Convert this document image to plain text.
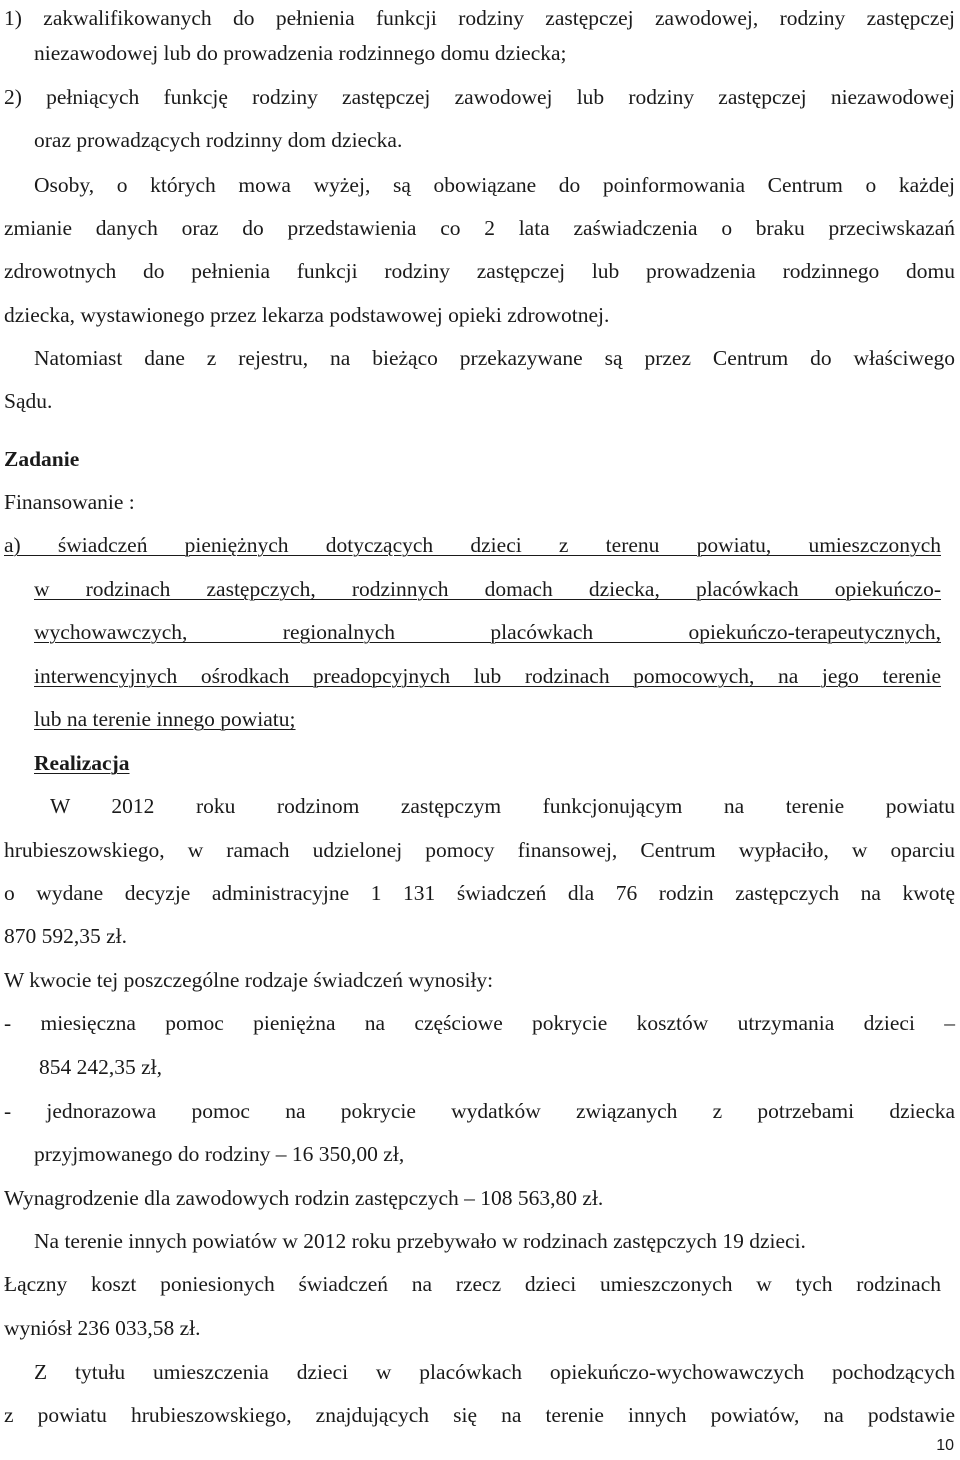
1) zakwalifikowanych do pełnienia funkcji rodziny zastępczej zawodowej, rodziny zastępczej
niezawodowej lub do prowadzenia rodzinnego domu dziecka;
2) pełniących funkcję rodziny zastępczej zawodowej lub rodziny zastępczej niezawodowej
oraz prowadzących rodzinny dom dziecka.
Osoby, o których mowa wyżej, są obowiązane do poinformowania Centrum o każdej
zmianie danych oraz do przedstawienia co 2 lata zaświadczenia o braku przeciwskazań
zdrowotnych do pełnienia funkcji rodziny zastępczej lub prowadzenia rodzinnego domu
dziecka, wystawionego przez lekarza podstawowej opieki zdrowotnej.
Natomiast dane z rejestru, na bieżąco przekazywane są przez Centrum do właściwego
Sądu.
Zadanie
Finansowanie :
a) świadczeń pieniężnych dotyczących dzieci z terenu powiatu, umieszczonych
w rodzinach zastępczych, rodzinnych domach dziecka, placówkach opiekuńczo-
wychowawczych, regionalnych placówkach opiekuńczo-terapeutycznych,
interwencyjnych ośrodkach preadopcyjnych lub rodzinach pomocowych, na jego terenie
lub na terenie innego powiatu;
Realizacja
W 2012 roku rodzinom zastępczym funkcjonującym na terenie powiatu
hrubieszowskiego, w ramach udzielonej pomocy finansowej, Centrum wypłaciło, w oparciu
o wydane decyzje administracyjne 1 131 świadczeń dla 76 rodzin zastępczych na kwotę
870 592,35 zł.
W kwocie tej poszczególne rodzaje świadczeń wynosiły:
- miesięczna pomoc pieniężna na częściowe pokrycie kosztów utrzymania dzieci –
854 242,35 zł,
- jednorazowa pomoc na pokrycie wydatków związanych z potrzebami dziecka
przyjmowanego do rodziny – 16 350,00 zł,
Wynagrodzenie dla zawodowych rodzin zastępczych – 108 563,80 zł.
Na terenie innych powiatów w 2012 roku przebywało w rodzinach zastępczych 19 dzieci.
Łączny koszt poniesionych świadczeń na rzecz dzieci umieszczonych w tych rodzinach
wyniósł 236 033,58 zł.
Z tytułu umieszczenia dzieci w placówkach opiekuńczo-wychowawczych pochodzących
z powiatu hrubieszowskiego, znajdujących się na terenie innych powiatów, na podstawie
10
